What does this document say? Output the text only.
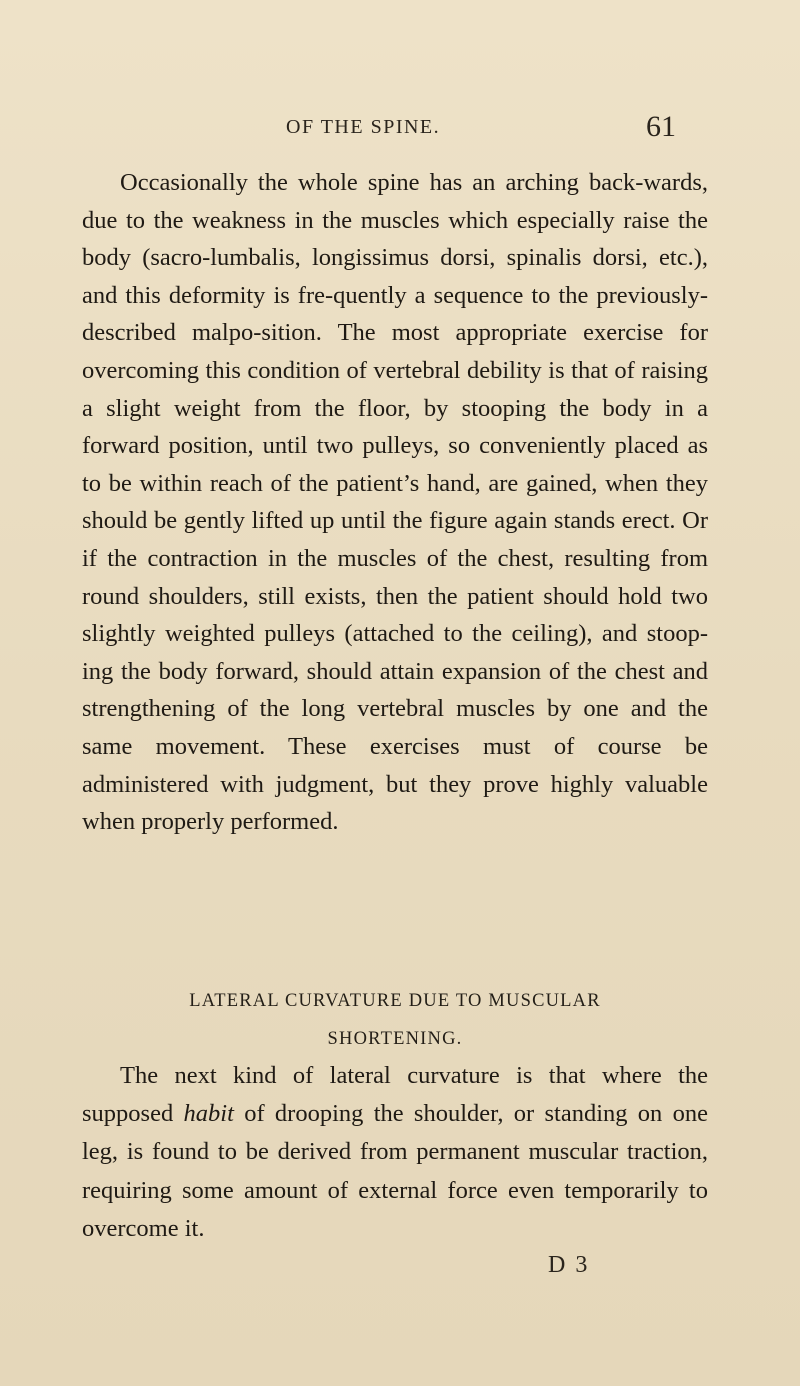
OF THE SPINE.	61

Occasionally the whole spine has an arching back-wards, due to the weakness in the muscles which especially raise the body (sacro-lumbalis, longissimus dorsi, spinalis dorsi, etc.), and this deformity is fre-quently a sequence to the previously-described malpo-sition. The most appropriate exercise for overcoming this condition of vertebral debility is that of raising a slight weight from the floor, by stooping the body in a forward position, until two pulleys, so conveniently placed as to be within reach of the patient’s hand, are gained, when they should be gently lifted up until the figure again stands erect. Or if the contraction in the muscles of the chest, resulting from round shoulders, still exists, then the patient should hold two slightly weighted pulleys (attached to the ceiling), and stoop-ing the body forward, should attain expansion of the chest and strengthening of the long vertebral muscles by one and the same movement. These exercises must of course be administered with judgment, but they prove highly valuable when properly performed.

LATERAL CURVATURE DUE TO MUSCULAR
SHORTENING.

The next kind of lateral curvature is that where the supposed habit of drooping the shoulder, or standing on one leg, is found to be derived from permanent muscular traction, requiring some amount of external force even temporarily to overcome it.

D 3
